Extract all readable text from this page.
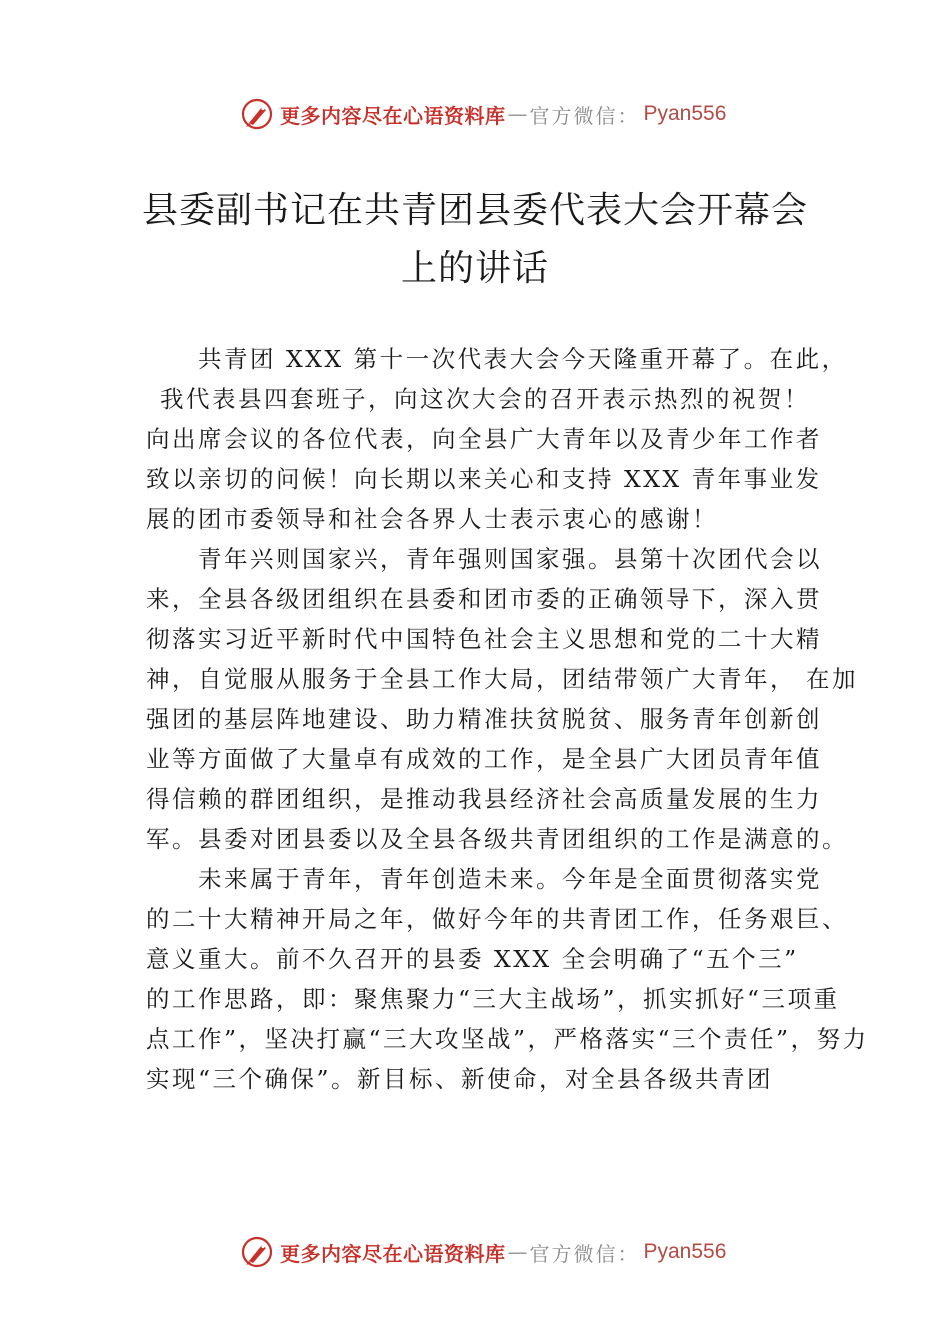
更多内容尽在心语资料库 — 官方微信： Pyan556
县委副书记在共青团县委代表大会开幕会
上的讲话
共青团 XXX 第十一次代表大会今天隆重开幕了。在此，
我代表县四套班子，向这次大会的召开表示热烈的祝贺！
向出席会议的各位代表，向全县广大青年以及青少年工作者
致以亲切的问候！向长期以来关心和支持 XXX 青年事业发
展的团市委领导和社会各界人士表示衷心的感谢！
青年兴则国家兴，青年强则国家强。县第十次团代会以
来，全县各级团组织在县委和团市委的正确领导下，深入贯
彻落实习近平新时代中国特色社会主义思想和党的二十大精
神，自觉服从服务于全县工作大局，团结带领广大青年， 在加
强团的基层阵地建设、助力精准扶贫脱贫、服务青年创新创
业等方面做了大量卓有成效的工作，是全县广大团员青年值
得信赖的群团组织，是推动我县经济社会高质量发展的生力
军。县委对团县委以及全县各级共青团组织的工作是满意的。
未来属于青年，青年创造未来。今年是全面贯彻落实党
的二十大精神开局之年，做好今年的共青团工作，任务艰巨、
意义重大。前不久召开的县委 XXX 全会明确了“五个三”
的工作思路，即：聚焦聚力“三大主战场”，抓实抓好“三项重
点工作”，坚决打赢“三大攻坚战”，严格落实“三个责任”，努力
实现“三个确保”。新目标、新使命，对全县各级共青团
更多内容尽在心语资料库 — 官方微信： Pyan556
